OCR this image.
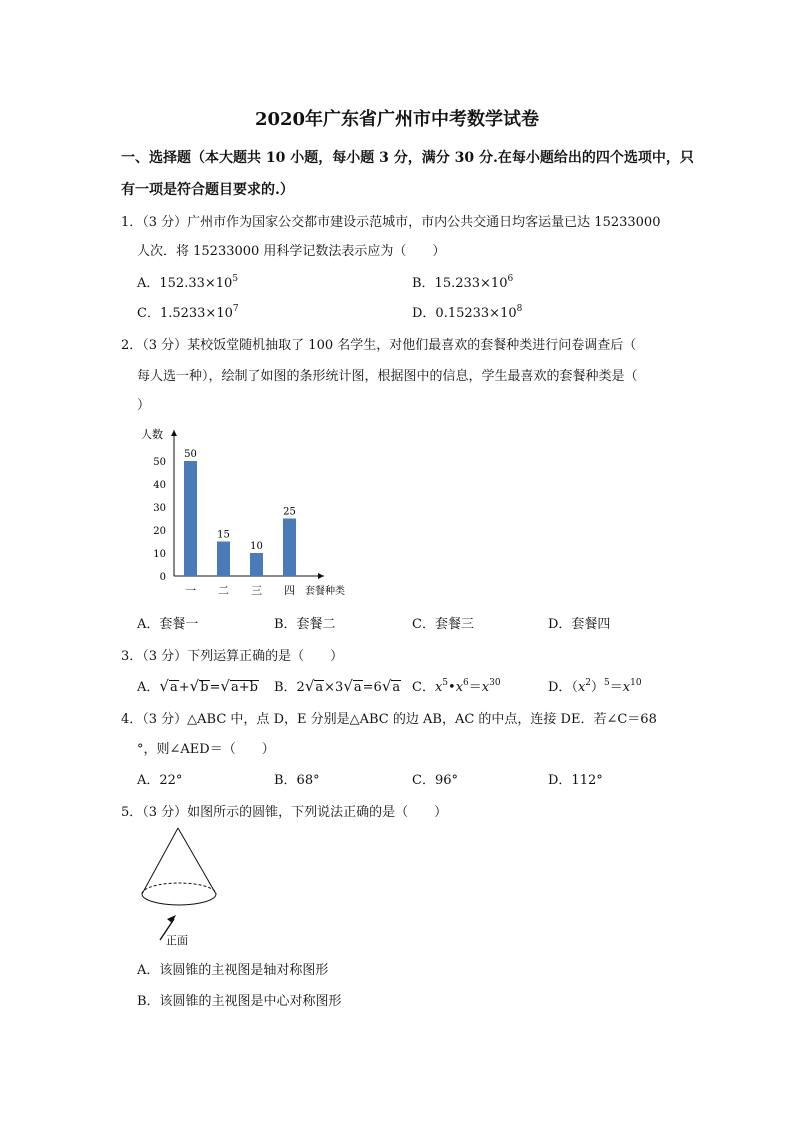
2020年广东省广州市中考数学试卷
一、选择题（本大题共 10 小题，每小题 3 分，满分 30 分.在每小题给出的四个选项中，只
有一项是符合题目要求的.）
1．（3 分）广州市作为国家公交都市建设示范城市，市内公共交通日均客运量已达 15233000
人次．将 15233000 用科学记数法表示应为（　　）
A．$152.33\times 10^5$	B．$15.233\times 10^6$
C．$1.5233\times 10^7$	D．$0.15233\times 10^8$
2．（3 分）某校饭堂随机抽取了 100 名学生，对他们最喜欢的套餐种类进行问卷调查后（
每人选一种），绘制了如图的条形统计图，根据图中的信息，学生最喜欢的套餐种类是（
）
人数
0
10
20
30
40
50
50
一
15
二
10
三
25
四 套餐种类
A．套餐一	B．套餐二	C．套餐三	D．套餐四
3．（3 分）下列运算正确的是（　　）
A．√a+√b=√a+b B．2√a×3√a=6√a C．$x^5•x^6=x^{30}$	D．$(x^2)^5=x^{10}$
4．（3 分）△ABC 中，点 D，E 分别是△ABC 的边 AB，AC 的中点，连接 DE．若∠C＝68
°，则∠AED＝（　　）
A．22°	B．68°	C．96°	D．112°
5．（3 分）如图所示的圆锥，下列说法正确的是（　　）
正面
A．该圆锥的主视图是轴对称图形
B．该圆锥的主视图是中心对称图形
